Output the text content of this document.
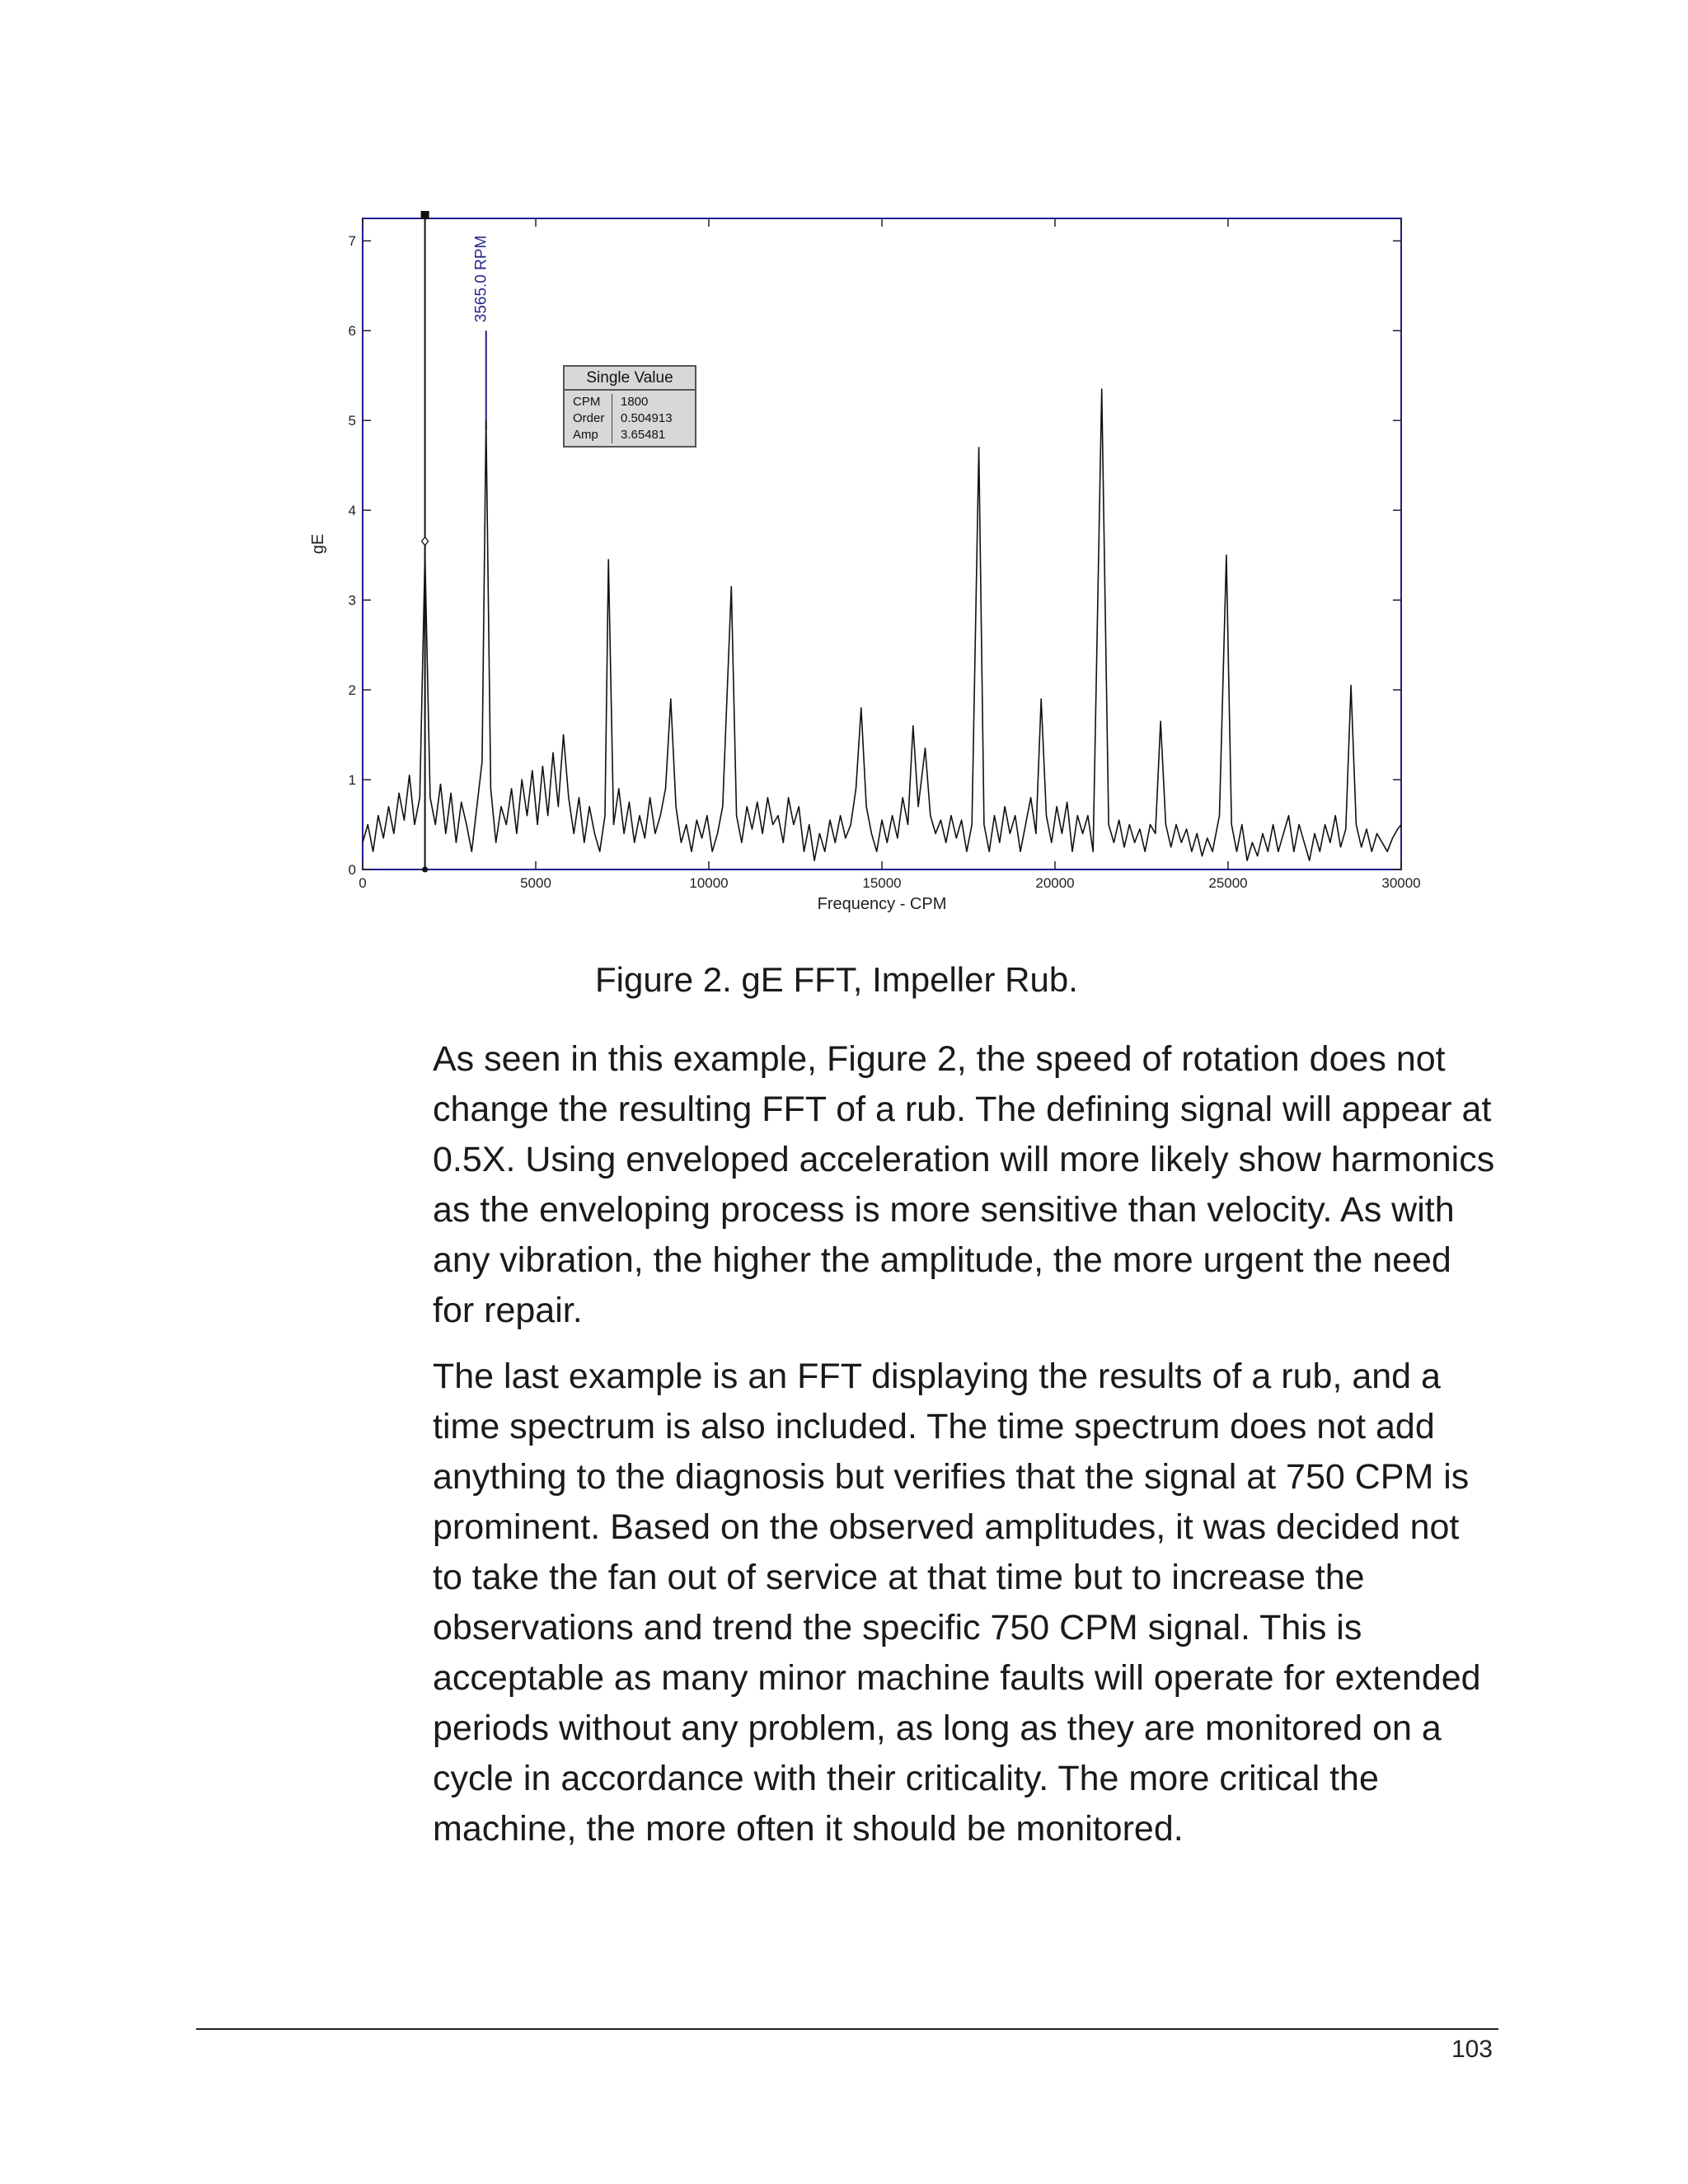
0	5000	10000	15000	20000	25000	30000
0
1
2
3
4
5
6
7
Frequency - CPM
gE
3565.0 RPM
Single Value
CPM	1800
Order	0.504913
Amp	3.65481
Figure 2. gE FFT, Impeller Rub.

As seen in this example, Figure 2, the speed of rotation does not change the resulting FFT of a rub. The defining signal will appear at 0.5X. Using enveloped acceleration will more likely show harmonics as the enveloping process is more sensitive than velocity. As with any vibration, the higher the amplitude, the more urgent the need for repair.

The last example is an FFT displaying the results of a rub, and a time spectrum is also included. The time spectrum does not add anything to the diagnosis but verifies that the signal at 750 CPM is prominent. Based on the observed amplitudes, it was decided not to take the fan out of service at that time but to increase the observations and trend the specific 750 CPM signal. This is acceptable as many minor machine faults will operate for extended periods without any problem, as long as they are monitored on a cycle in accordance with their criticality. The more critical the machine, the more often it should be monitored.

103
